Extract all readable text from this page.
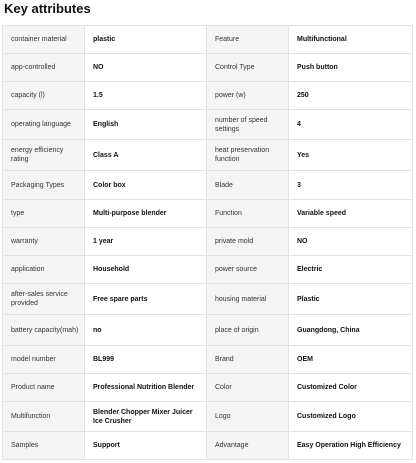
Key attributes
container material	plastic	Feature	Multifunctional
app-controlled	NO	Control Type	Push button
capacity (l)	1.5	power (w)	250
operating language	English	number of speed settings	4
energy efficiency rating	Class A	heat preservation function	Yes
Packaging Types	Color box	Blade	3
type	Multi-purpose blender	Function	Variable speed
warranty	1 year	private mold	NO
application	Household	power source	Electric
after-sales service provided	Free spare parts	housing material	Plastic
battery capacity(mah)	no	place of origin	Guangdong, China
model number	BL999	Brand	OEM
Product name	Professional Nutrition Blender	Color	Customized Color
Multifunction	Blender Chopper Mixer Juicer Ice Crusher	Logo	Customized Logo
Samples	Support	Advantage	Easy Operation High Efficiency
